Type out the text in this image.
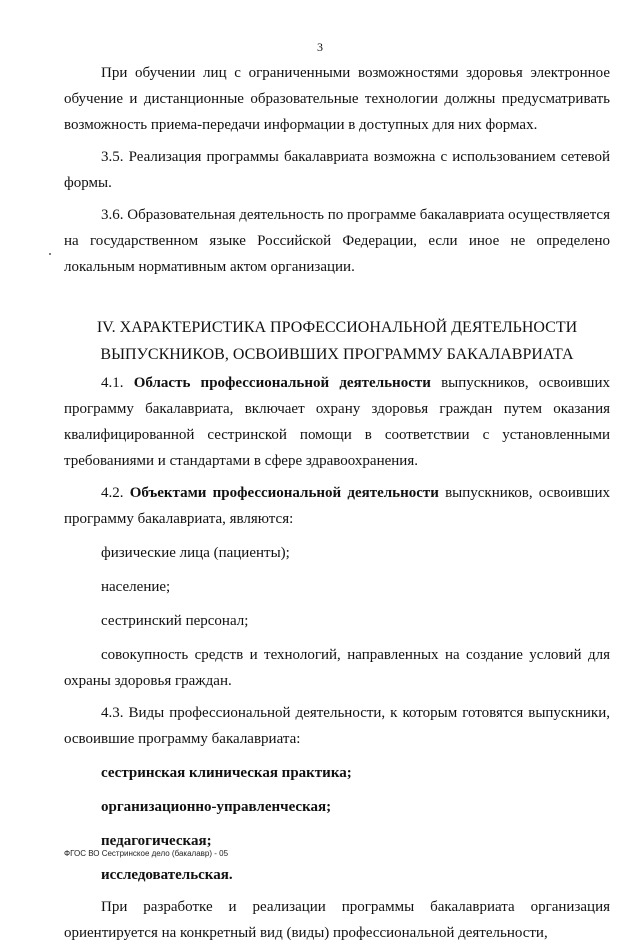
3

При обучении лиц с ограниченными возможностями здоровья электронное обучение и дистанционные образовательные технологии должны предусматривать возможность приема-передачи информации в доступных для них формах.

3.5. Реализация программы бакалавриата возможна с использованием сетевой формы.

3.6. Образовательная деятельность по программе бакалавриата осуществляется на государственном языке Российской Федерации, если иное не определено локальным нормативным актом организации.

IV. ХАРАКТЕРИСТИКА ПРОФЕССИОНАЛЬНОЙ ДЕЯТЕЛЬНОСТИ
ВЫПУСКНИКОВ, ОСВОИВШИХ ПРОГРАММУ БАКАЛАВРИАТА

4.1. Область профессиональной деятельности выпускников, освоивших программу бакалавриата, включает охрану здоровья граждан путем оказания квалифицированной сестринской помощи в соответствии с установленными требованиями и стандартами в сфере здравоохранения.

4.2. Объектами профессиональной деятельности выпускников, освоивших программу бакалавриата, являются:

физические лица (пациенты);

население;

сестринский персонал;

совокупность средств и технологий, направленных на создание условий для охраны здоровья граждан.

4.3. Виды профессиональной деятельности, к которым готовятся выпускники, освоившие программу бакалавриата:

сестринская клиническая практика;

организационно-управленческая;

педагогическая;

исследовательская.

При разработке и реализации программы бакалавриата организация ориентируется на конкретный вид (виды) профессиональной деятельности,

ФГОС ВО Сестринское дело (бакалавр) - 05
